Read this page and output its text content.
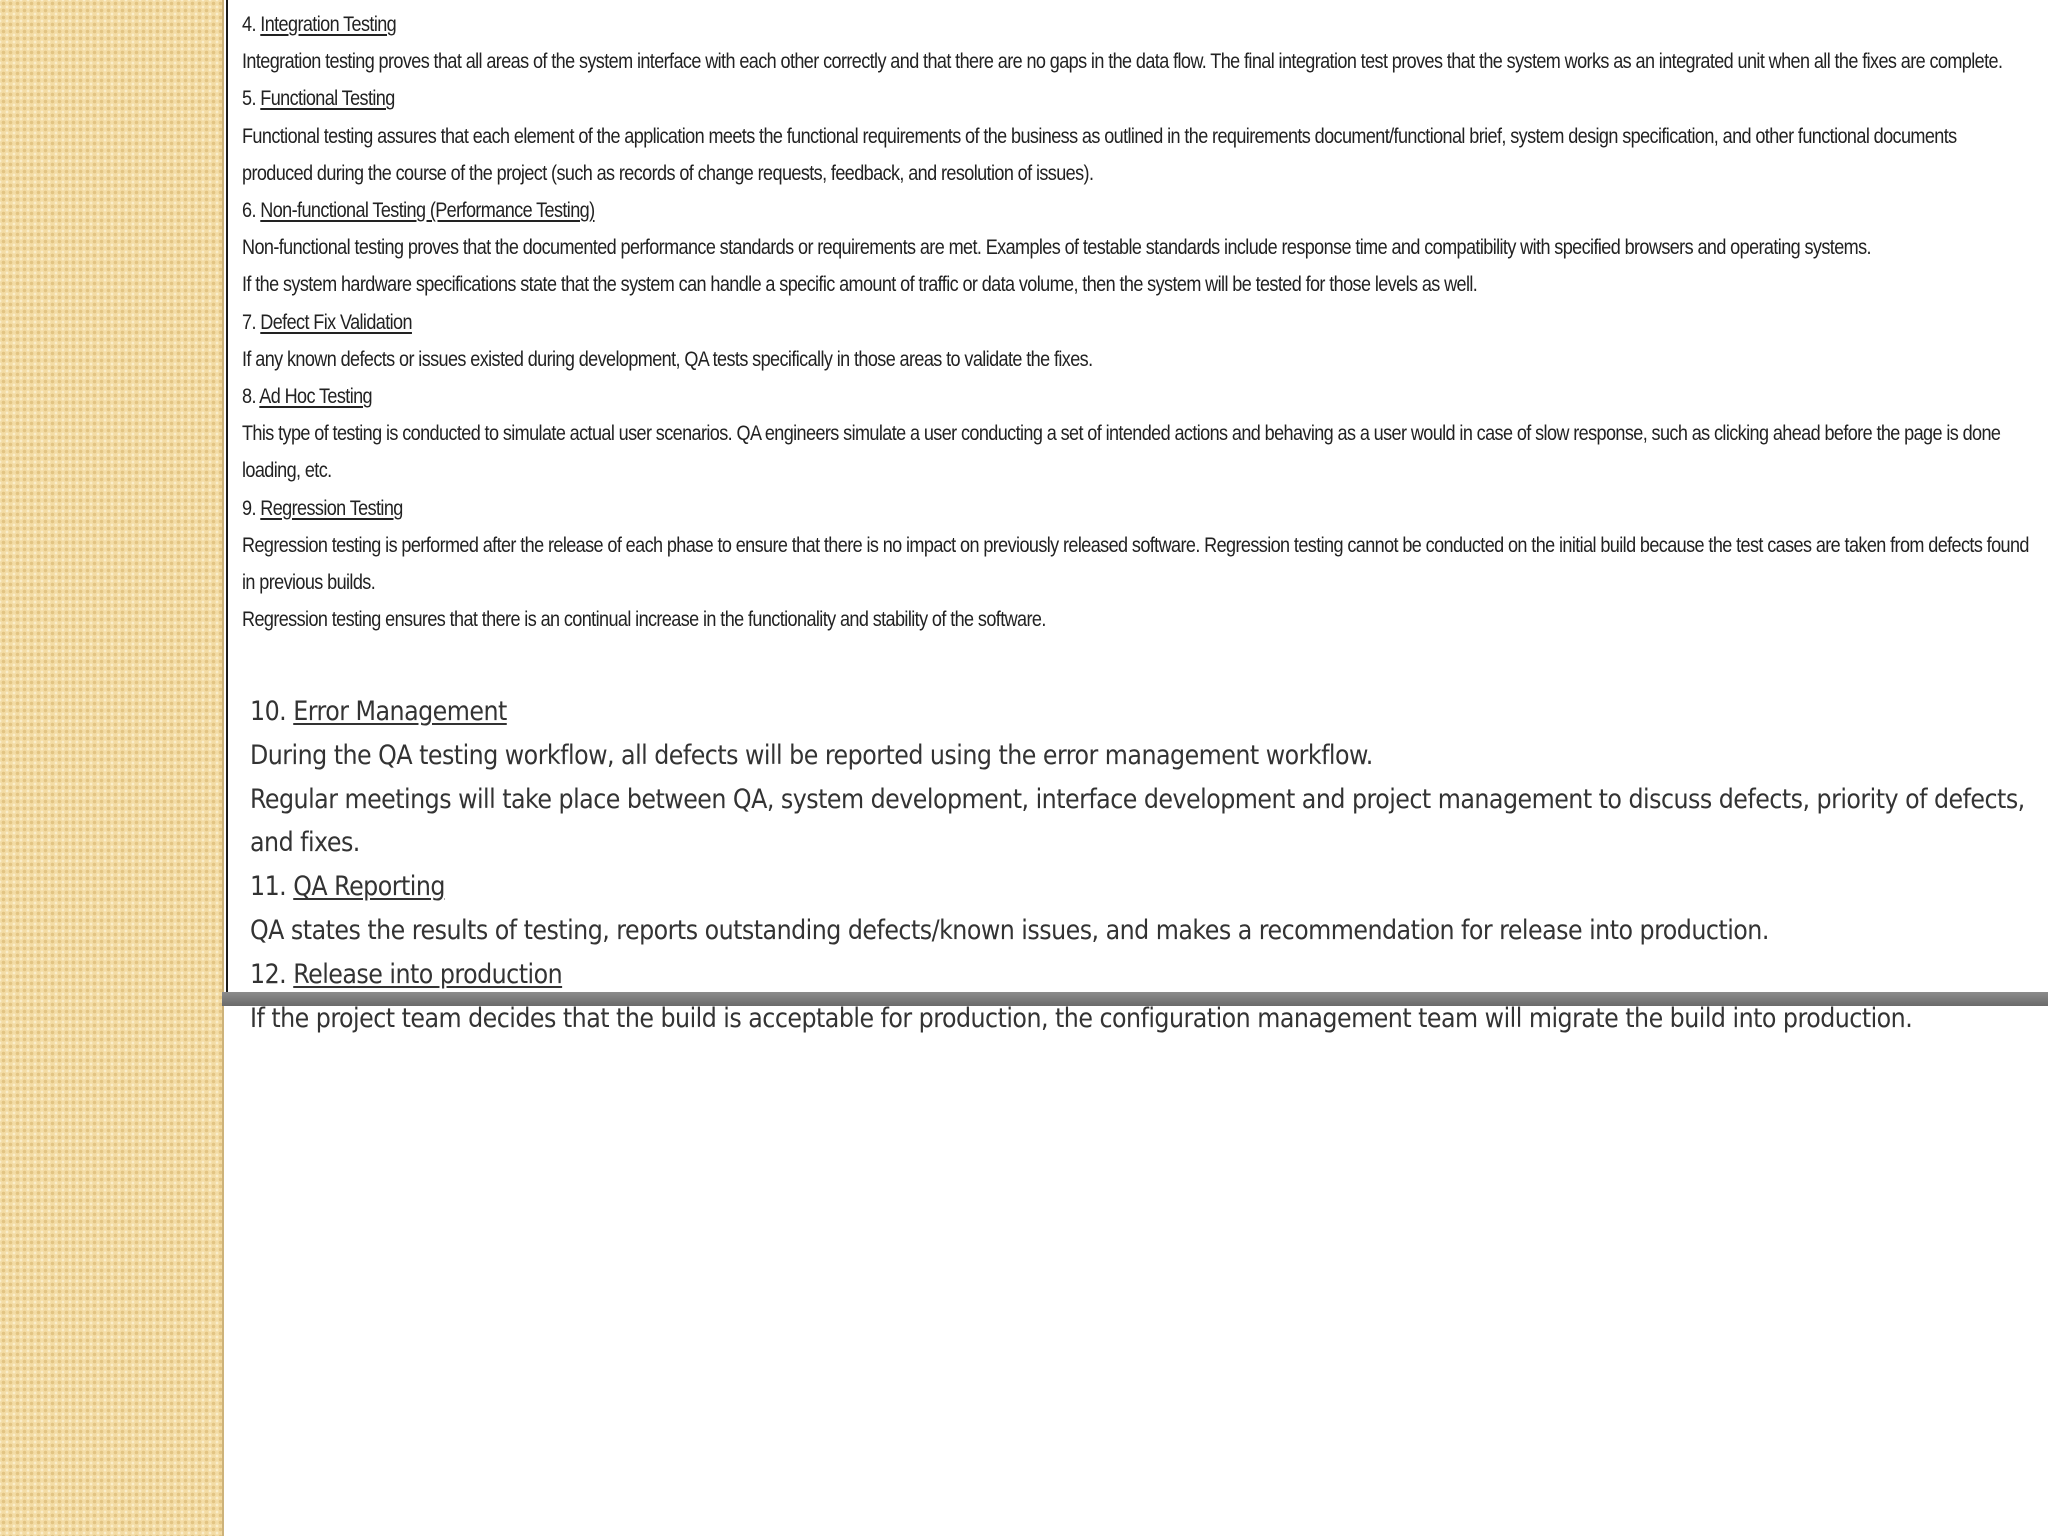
4. Integration Testing

Integration testing proves that all areas of the system interface with each other correctly and that there are no gaps in the data flow. The final integration test proves that the system works as an integrated unit when all the fixes are complete.

5. Functional Testing

Functional testing assures that each element of the application meets the functional requirements of the business as outlined in the requirements document/functional brief, system design specification, and other functional documents produced during the course of the project (such as records of change requests, feedback, and resolution of issues).

6. Non-functional Testing (Performance Testing)

Non-functional testing proves that the documented performance standards or requirements are met. Examples of testable standards include response time and compatibility with specified browsers and operating systems.

If the system hardware specifications state that the system can handle a specific amount of traffic or data volume, then the system will be tested for those levels as well.

7. Defect Fix Validation

If any known defects or issues existed during development, QA tests specifically in those areas to validate the fixes.

8. Ad Hoc Testing

This type of testing is conducted to simulate actual user scenarios. QA engineers simulate a user conducting a set of intended actions and behaving as a user would in case of slow response, such as clicking ahead before the page is done loading, etc.

9. Regression Testing

Regression testing is performed after the release of each phase to ensure that there is no impact on previously released software. Regression testing cannot be conducted on the initial build because the test cases are taken from defects found in previous builds.

Regression testing ensures that there is an continual increase in the functionality and stability of the software.

10. Error Management

During the QA testing workflow, all defects will be reported using the error management workflow.

Regular meetings will take place between QA, system development, interface development and project management to discuss defects, priority of defects, and fixes.

11. QA Reporting

QA states the results of testing, reports outstanding defects/known issues, and makes a recommendation for release into production.

12. Release into production

If the project team decides that the build is acceptable for production, the configuration management team will migrate the build into production.
